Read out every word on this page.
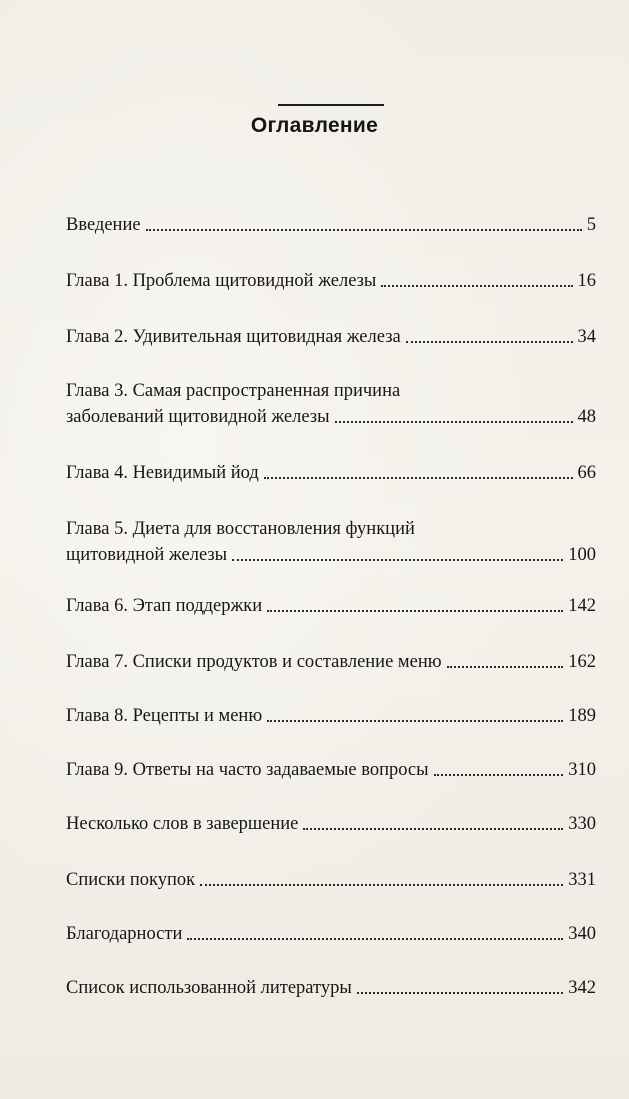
Оглавление
Введение	5
Глава 1. Проблема щитовидной железы	16
Глава 2. Удивительная щитовидная железа	34
Глава 3. Самая распространенная причина
заболеваний щитовидной железы	48
Глава 4. Невидимый йод	66
Глава 5. Диета для восстановления функций
щитовидной железы	100
Глава 6. Этап поддержки	142
Глава 7. Списки продуктов и составление меню	162
Глава 8. Рецепты и меню	189
Глава 9. Ответы на часто задаваемые вопросы	310
Несколько слов в завершение	330
Списки покупок	331
Благодарности	340
Список использованной литературы	342
